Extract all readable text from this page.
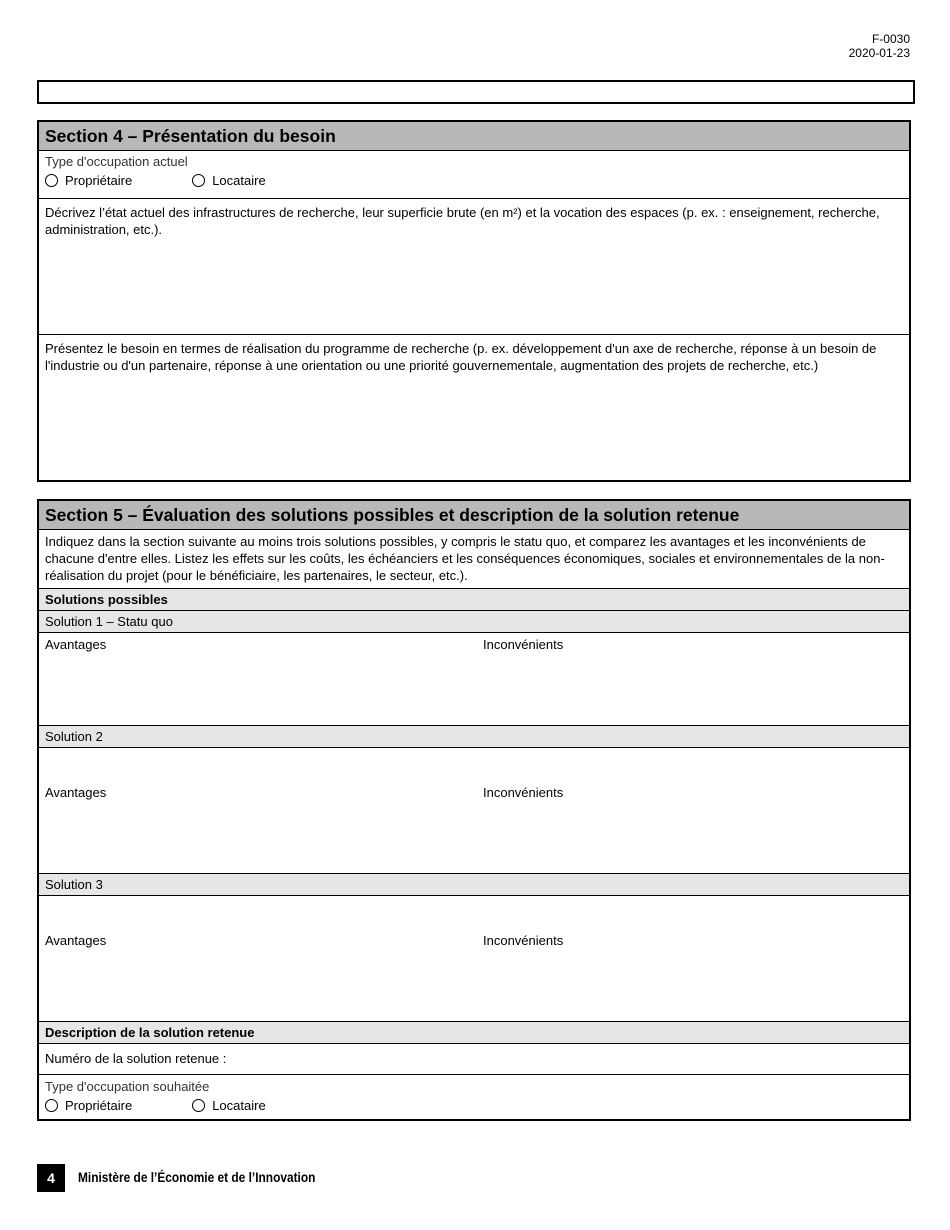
F-0030
2020-01-23
Section 4 – Présentation du besoin
Type d'occupation actuel
Propriétaire	Locataire
Décrivez l’état actuel des infrastructures de recherche, leur superficie brute (en m²) et la vocation des espaces (p. ex. : enseignement, recherche, administration, etc.).
Présentez le besoin en termes de réalisation du programme de recherche (p. ex. développement d'un axe de recherche, réponse à un besoin de l'industrie ou d'un partenaire, réponse à une orientation ou une priorité gouvernementale, augmentation des projets de recherche, etc.)
Section 5 – Évaluation des solutions possibles et description de la solution retenue
Indiquez dans la section suivante au moins trois solutions possibles, y compris le statu quo, et comparez les avantages et les inconvénients de chacune d'entre elles. Listez les effets sur les coûts, les échéanciers et les conséquences économiques, sociales et environnementales de la non-réalisation du projet (pour le bénéficiaire, les partenaires, le secteur, etc.).
Solutions possibles
Solution 1 – Statu quo
Avantages	Inconvénients
Solution 2
Avantages	Inconvénients
Solution 3
Avantages	Inconvénients
Description de la solution retenue
Numéro de la solution retenue :
Type d'occupation souhaitée
Propriétaire	Locataire
4	Ministère de l’Économie et de l’Innovation
